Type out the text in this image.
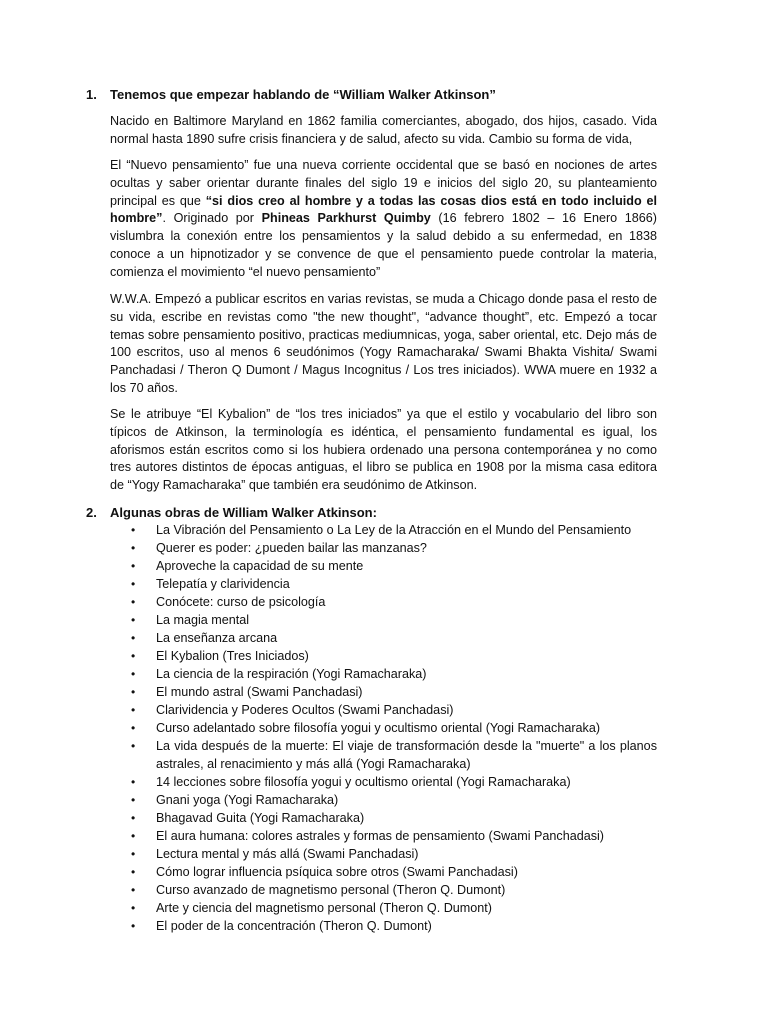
1. Tenemos que empezar hablando de “William Walker Atkinson”

Nacido en Baltimore Maryland en 1862 familia comerciantes, abogado, dos hijos, casado. Vida normal hasta 1890 sufre crisis financiera y de salud, afecto su vida. Cambio su forma de vida,

El “Nuevo pensamiento” fue una nueva corriente occidental que se basó en nociones de artes ocultas y saber orientar durante finales del siglo 19 e inicios del siglo 20, su planteamiento principal es que “si dios creo al hombre y a todas las cosas dios está en todo incluido el hombre”. Originado por Phineas Parkhurst Quimby (16 febrero 1802 – 16 Enero 1866) vislumbra la conexión entre los pensamientos y la salud debido a su enfermedad, en 1838 conoce a un hipnotizador y se convence de que el pensamiento puede controlar la materia, comienza el movimiento “el nuevo pensamiento”

W.W.A. Empezó a publicar escritos en varias revistas, se muda a Chicago donde pasa el resto de su vida, escribe en revistas como "the new thought", “advance thought”, etc. Empezó a tocar temas sobre pensamiento positivo, practicas mediumnicas, yoga, saber oriental, etc. Dejo más de 100 escritos, uso al menos 6 seudónimos (Yogy Ramacharaka/ Swami Bhakta Vishita/ Swami Panchadasi / Theron Q Dumont / Magus Incognitus / Los tres iniciados). WWA muere en 1932 a los 70 años.

Se le atribuye “El Kybalion” de “los tres iniciados” ya que el estilo y vocabulario del libro son típicos de Atkinson, la terminología es idéntica, el pensamiento fundamental es igual, los aforismos están escritos como si los hubiera ordenado una persona contemporánea y no como tres autores distintos de épocas antiguas, el libro se publica en 1908 por la misma casa editora de “Yogy Ramacharaka” que también era seudónimo de Atkinson.

2. Algunas obras de William Walker Atkinson:
• La Vibración del Pensamiento o La Ley de la Atracción en el Mundo del Pensamiento
• Querer es poder: ¿pueden bailar las manzanas?
• Aproveche la capacidad de su mente
• Telepatía y clarividencia
• Conócete: curso de psicología
• La magia mental
• La enseñanza arcana
• El Kybalion (Tres Iniciados)
• La ciencia de la respiración (Yogi Ramacharaka)
• El mundo astral (Swami Panchadasi)
• Clarividencia y Poderes Ocultos (Swami Panchadasi)
• Curso adelantado sobre filosofía yogui y ocultismo oriental (Yogi Ramacharaka)
• La vida después de la muerte: El viaje de transformación desde la "muerte" a los planos astrales, al renacimiento y más allá (Yogi Ramacharaka)
• 14 lecciones sobre filosofía yogui y ocultismo oriental (Yogi Ramacharaka)
• Gnani yoga (Yogi Ramacharaka)
• Bhagavad Guita (Yogi Ramacharaka)
• El aura humana: colores astrales y formas de pensamiento (Swami Panchadasi)
• Lectura mental y más allá (Swami Panchadasi)
• Cómo lograr influencia psíquica sobre otros (Swami Panchadasi)
• Curso avanzado de magnetismo personal (Theron Q. Dumont)
• Arte y ciencia del magnetismo personal (Theron Q. Dumont)
• El poder de la concentración (Theron Q. Dumont)
